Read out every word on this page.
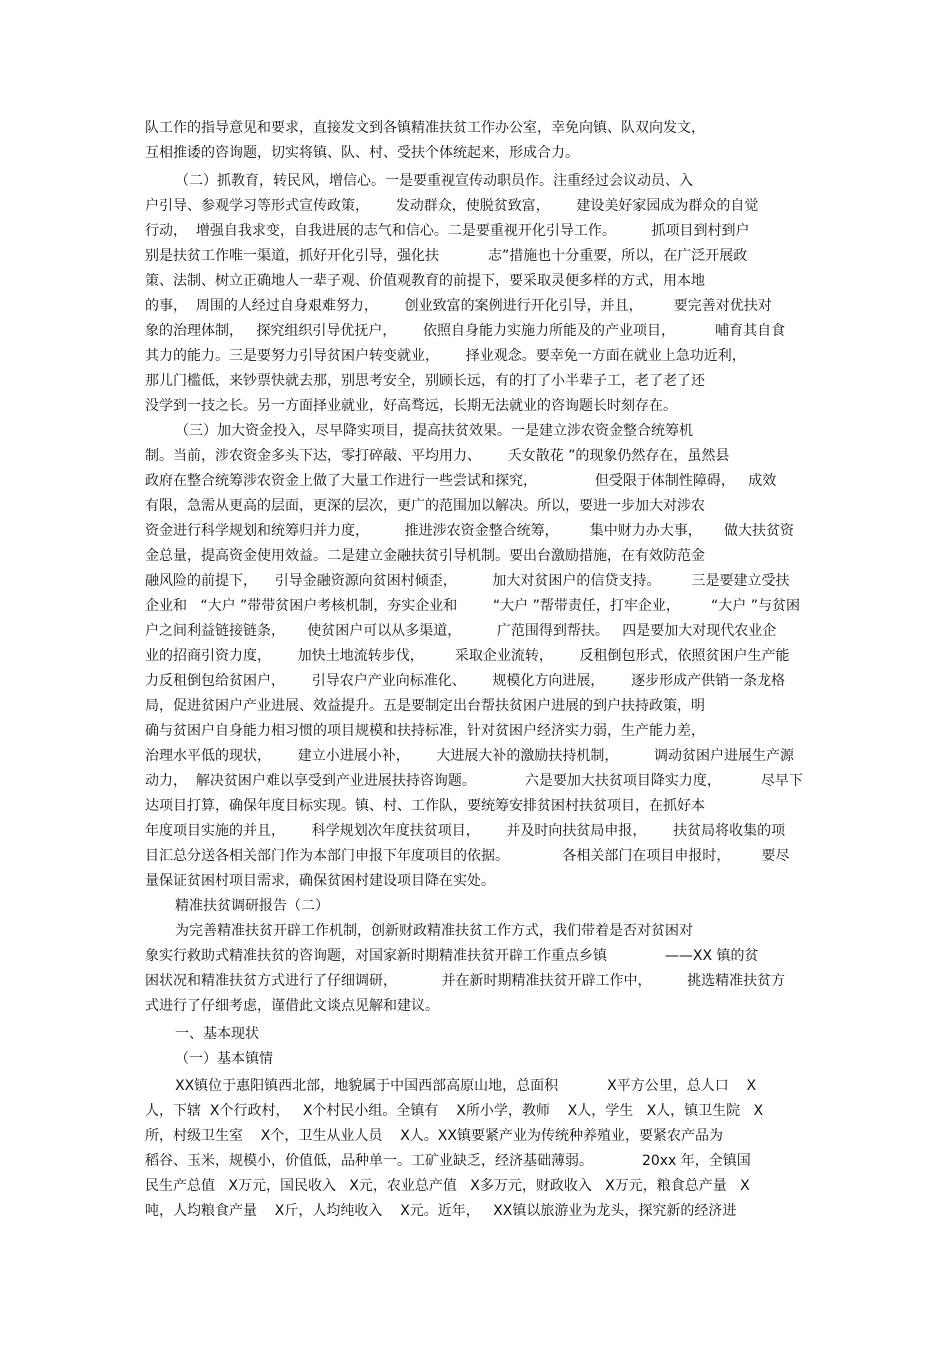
队工作的指导意见和要求，直接发文到各镇精准扶贫工作办公室，幸免向镇、队双向发文，
互相推诿的咨询题，切实将镇、队、村、受扶个体统起来，形成合力。
（二）抓教育，转民风，增信心。一是要重视宣传动职员作。注重经过会议动员、入
户引导、参观学习等形式宣传政策，      发动群众，使脱贫致富，      建设美好家园成为群众的自觉
行动，  增强自我求变，自我进展的志气和信心。二是要重视开化引导工作。        抓项目到村到户
别是扶贫工作唯一渠道，抓好开化引导，强化扶           志”措施也十分重要，所以，在广泛开展政
策、法制、树立正确地人一辈子观、价值观教育的前提下，要采取灵便多样的方式，用本地
的事，  周围的人经过自身艰难努力，      创业致富的案例进行开化引导，并且，       要完善对优扶对
象的治理体制，   探究组织引导优抚户，      依照自身能力实施力所能及的产业项目，         哺育其自食
其力的能力。三是要努力引导贫困户转变就业，      择业观念。要幸免一方面在就业上急功近利，
那儿门槛低，来钞票快就去那，别思考安全，别顾长远，有的打了小半辈子工，老了老了还
没学到一技之长。另一方面择业就业，好高骛远，长期无法就业的咨询题长时刻存在。
（三）加大资金投入，尽早降实项目，提高扶贫效果。一是建立涉农资金整合统筹机
制。当前，涉农资金多头下达，零打碎敲、平均用力、      夭女散花 ”的现象仍然存在，虽然县
政府在整合统筹涉农资金上做了大量工作进行一些尝试和探究，             但受限于体制性障碍，   成效
有限，急需从更高的层面，更深的层次，更广的范围加以解决。所以，要进一步加大对涉农
资金进行科学规划和统筹归并力度，        推进涉农资金整合统筹，       集中财力办大事，     做大扶贫资
金总量，提高资金使用效益。二是建立金融扶贫引导机制。要出台激励措施，在有效防范金
融风险的前提下，    引导金融资源向贫困村倾歪，        加大对贫困户的信贷支持。       三是要建立受扶
企业和   “大户 ”带带贫困户考核机制，夯实企业和        “大户 ”帮带责任，打牢企业，       “大户 ”与贫困
户之间利益链接链条，     使贫困户可以从多渠道，        广范围得到帮扶。   四是要加大对现代农业企
业的招商引资力度，      加快土地流转步伐，       采取企业流转，      反租倒包形式，依照贫困户生产能
力反租倒包给贫困户，      引导农户产业向标准化、      规模化方向进展，      逐步形成产供销一条龙格
局，促进贫困户产业进展、效益提升。五是要制定出台帮扶贫困户进展的到户扶持政策，明
确与贫困户自身能力相习惯的项目规模和扶持标准，针对贫困户经济实力弱，生产能力差，
治理水平低的现状，      建立小进展小补，      大进展大补的激励扶持机制，        调动贫困户进展生产源
动力，  解决贫困户难以享受到产业进展扶持咨询题。           六是要加大扶贫项目降实力度，         尽早下
达项目打算，确保年度目标实现。镇、村、工作队，要统筹安排贫困村扶贫项目，在抓好本
年度项目实施的并且，      科学规划次年度扶贫项目，      并及时向扶贫局申报，      扶贫局将收集的项
目汇总分送各相关部门作为本部门申报下年度项目的依据。            各相关部门在项目申报时，       要尽
量保证贫困村项目需求，确保贫困村建设项目降在实处。
精准扶贫调研报告（二）
为完善精准扶贫开辟工作机制，创新财政精准扶贫工作方式，我们带着是否对贫困对
象实行救助式精准扶贫的咨询题，对国家新时期精准扶贫开辟工作重点乡镇             ——XX 镇的贫
困状况和精准扶贫方式进行了仔细调研，          并在新时期精准扶贫开辟工作中，        挑选精准扶贫方
式进行了仔细考虑，谨借此文谈点见解和建议。
一、基本现状
（一）基本镇情
XX镇位于惠阳镇西北部，地貌属于中国西部高原山地，总面积           X平方公里，总人口    X
人，下辖  X个行政村，   X个村民小组。全镇有    X所小学，教师    X人，学生   X人，镇卫生院   X
所，村级卫生室    X个，卫生从业人员    X人。XX镇要紧产业为传统种养殖业，要紧农产品为
稻谷、玉米，规模小，价值低，品种单一。工矿业缺乏，经济基础薄弱。           20xx 年，全镇国
民生产总值   X万元，国民收入   X元，农业总产值   X多万元，财政收入   X万元，粮食总产量   X
吨，人均粮食产量    X斤，人均纯收入    X元。近年，   XX镇以旅游业为龙头，探究新的经济进
